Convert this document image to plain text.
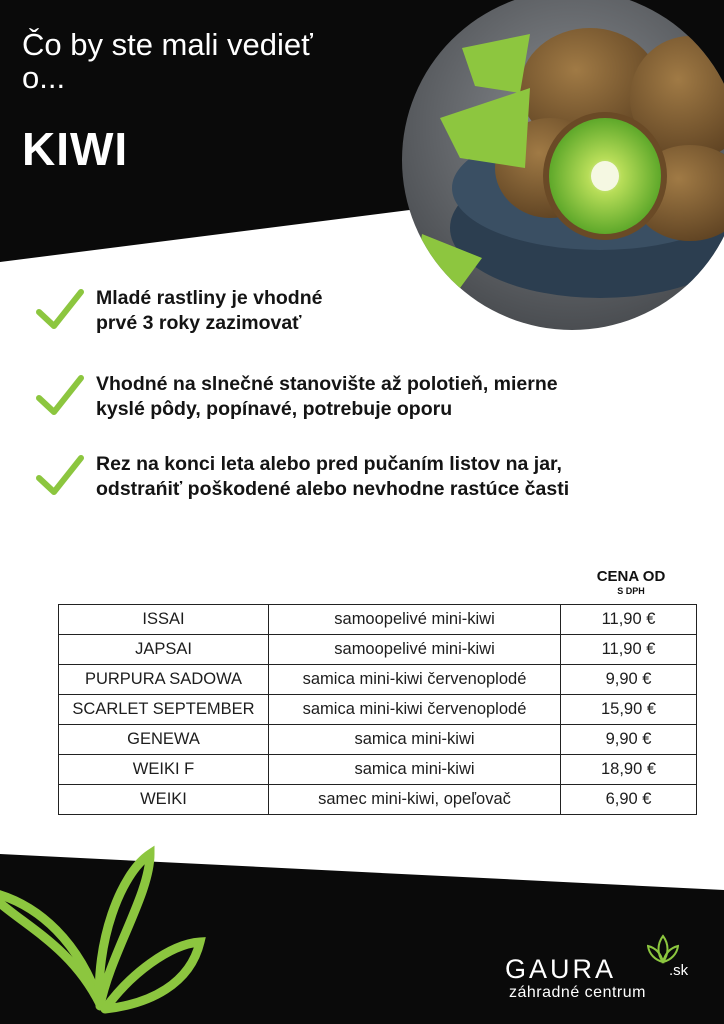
Čo by ste mali vedieť o...
KIWI
Mladé rastliny je vhodné
prvé 3 roky zazimovať
Vhodné na slnečné stanovište až polotieň, mierne
kyslé pôdy, popínavé, potrebuje oporu
Rez na konci leta alebo pred pučaním listov na jar,
odstrańiť poškodené alebo nevhodne rastúce časti
CENA OD
S DPH
ISSAI	samoopelivé mini-kiwi	11,90 €
JAPSAI	samoopelivé mini-kiwi	11,90 €
PURPURA SADOWA	samica mini-kiwi červenoplodé	9,90 €
SCARLET SEPTEMBER	samica mini-kiwi červenoplodé	15,90 €
GENEWA	samica mini-kiwi	9,90 €
WEIKI F	samica mini-kiwi	18,90 €
WEIKI	samec mini-kiwi, opeľovač	6,90 €
GAURA	.sk
záhradné centrum
